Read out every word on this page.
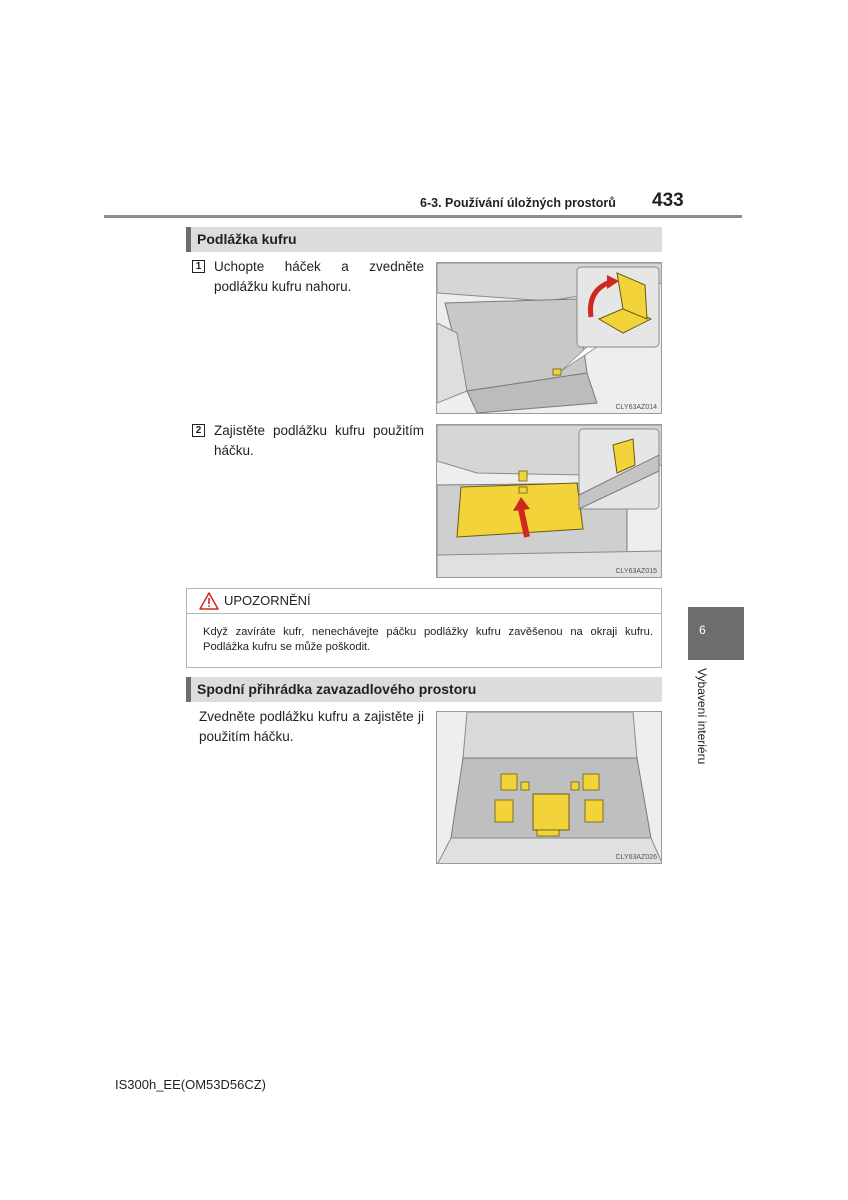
6-3. Používání úložných prostorů 433
Podlážka kufru
1 Uchopte háček a zvedněte podlážku kufru nahoru.
CLY63AZ014
2 Zajistěte podlážku kufru použitím háčku.
CLY63AZ015
UPOZORNĚNÍ
Když zavíráte kufr, nenechávejte páčku podlážky kufru zavěšenou na okraji kufru. Podlážka kufru se může poškodit.
Spodní přihrádka zavazadlového prostoru
Zvedněte podlážku kufru a zajistěte ji použitím háčku.
CLY63AZ026
6
Vybavení interiéru
IS300h_EE(OM53D56CZ)
